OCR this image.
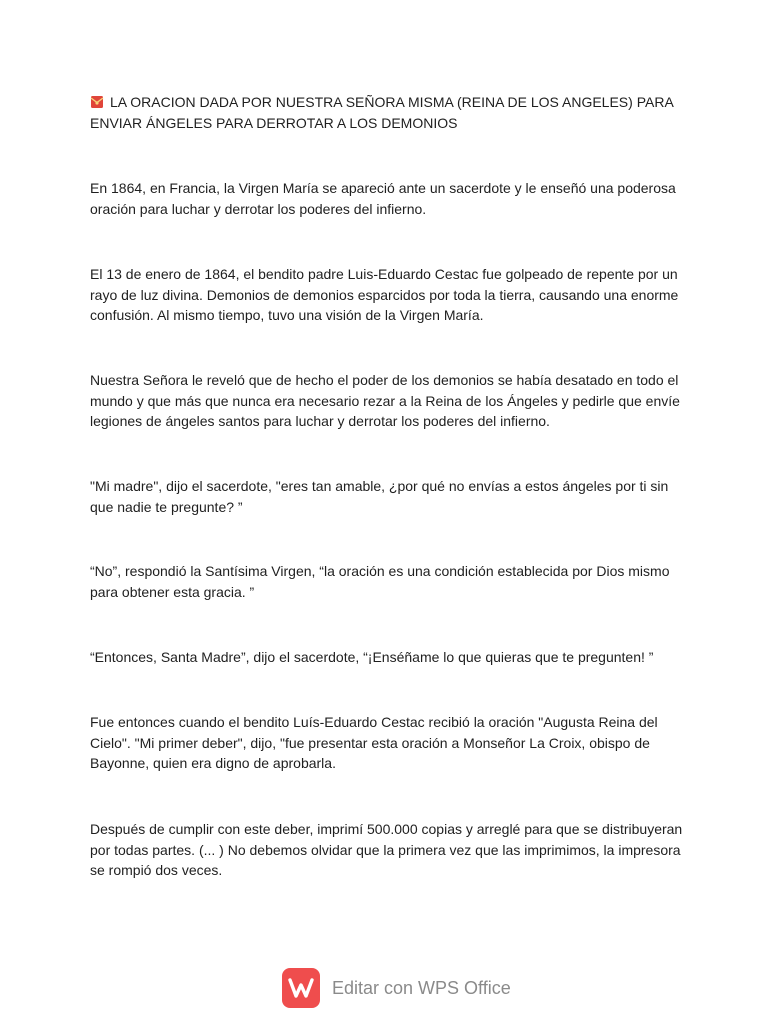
LA ORACION DADA POR NUESTRA SEÑORA MISMA (REINA DE LOS ANGELES) PARA ENVIAR ÁNGELES PARA DERROTAR A LOS DEMONIOS

En 1864, en Francia, la Virgen María se apareció ante un sacerdote y le enseñó una poderosa oración para luchar y derrotar los poderes del infierno.

El 13 de enero de 1864, el bendito padre Luis-Eduardo Cestac fue golpeado de repente por un rayo de luz divina. Demonios de demonios esparcidos por toda la tierra, causando una enorme confusión. Al mismo tiempo, tuvo una visión de la Virgen María.

Nuestra Señora le reveló que de hecho el poder de los demonios se había desatado en todo el mundo y que más que nunca era necesario rezar a la Reina de los Ángeles y pedirle que envíe legiones de ángeles santos para luchar y derrotar los poderes del infierno.

"Mi madre", dijo el sacerdote, "eres tan amable, ¿por qué no envías a estos ángeles por ti sin que nadie te pregunte? ”

“No”, respondió la Santísima Virgen, “la oración es una condición establecida por Dios mismo para obtener esta gracia. ”

“Entonces, Santa Madre”, dijo el sacerdote, “¡Enséñame lo que quieras que te pregunten! ”

Fue entonces cuando el bendito Luís-Eduardo Cestac recibió la oración "Augusta Reina del Cielo". "Mi primer deber", dijo, "fue presentar esta oración a Monseñor La Croix, obispo de Bayonne, quien era digno de aprobarla.

Después de cumplir con este deber, imprimí 500.000 copias y arreglé para que se distribuyeran por todas partes. (... ) No debemos olvidar que la primera vez que las imprimimos, la impresora se rompió dos veces.

Editar con WPS Office
